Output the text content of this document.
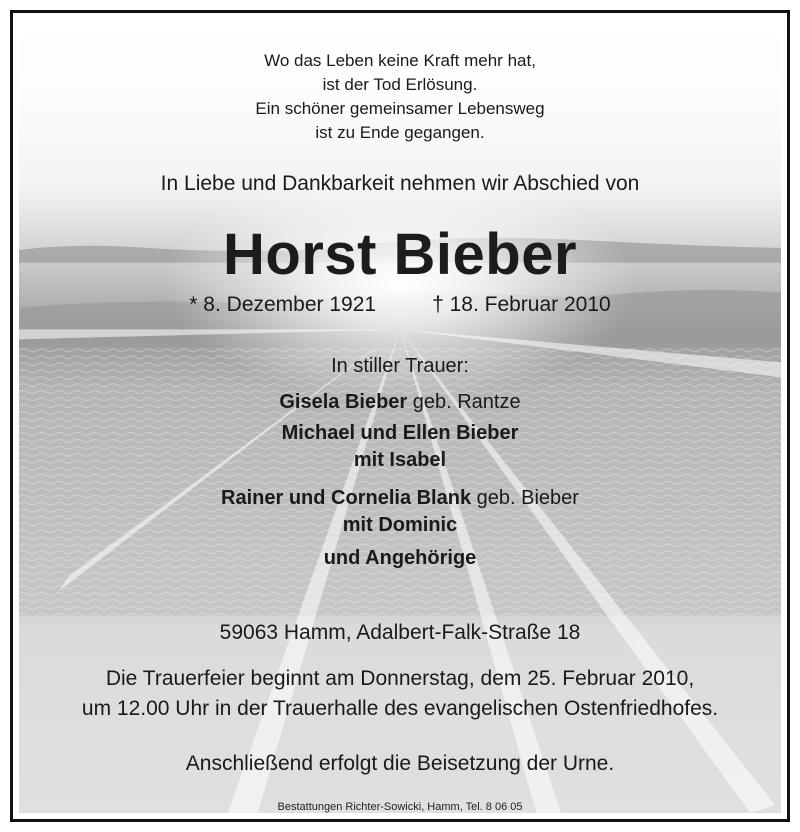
Wo das Leben keine Kraft mehr hat,
ist der Tod Erlösung.
Ein schöner gemeinsamer Lebensweg
ist zu Ende gegangen.
In Liebe und Dankbarkeit nehmen wir Abschied von
Horst Bieber
* 8. Dezember 1921	† 18. Februar 2010
In stiller Trauer:
Gisela Bieber geb. Rantze
Michael und Ellen Bieber
mit Isabel
Rainer und Cornelia Blank geb. Bieber
mit Dominic
und Angehörige
59063 Hamm, Adalbert-Falk-Straße 18
Die Trauerfeier beginnt am Donnerstag, dem 25. Februar 2010,
um 12.00 Uhr in der Trauerhalle des evangelischen Ostenfriedhofes.
Anschließend erfolgt die Beisetzung der Urne.
Bestattungen Richter-Sowicki, Hamm, Tel. 8 06 05
